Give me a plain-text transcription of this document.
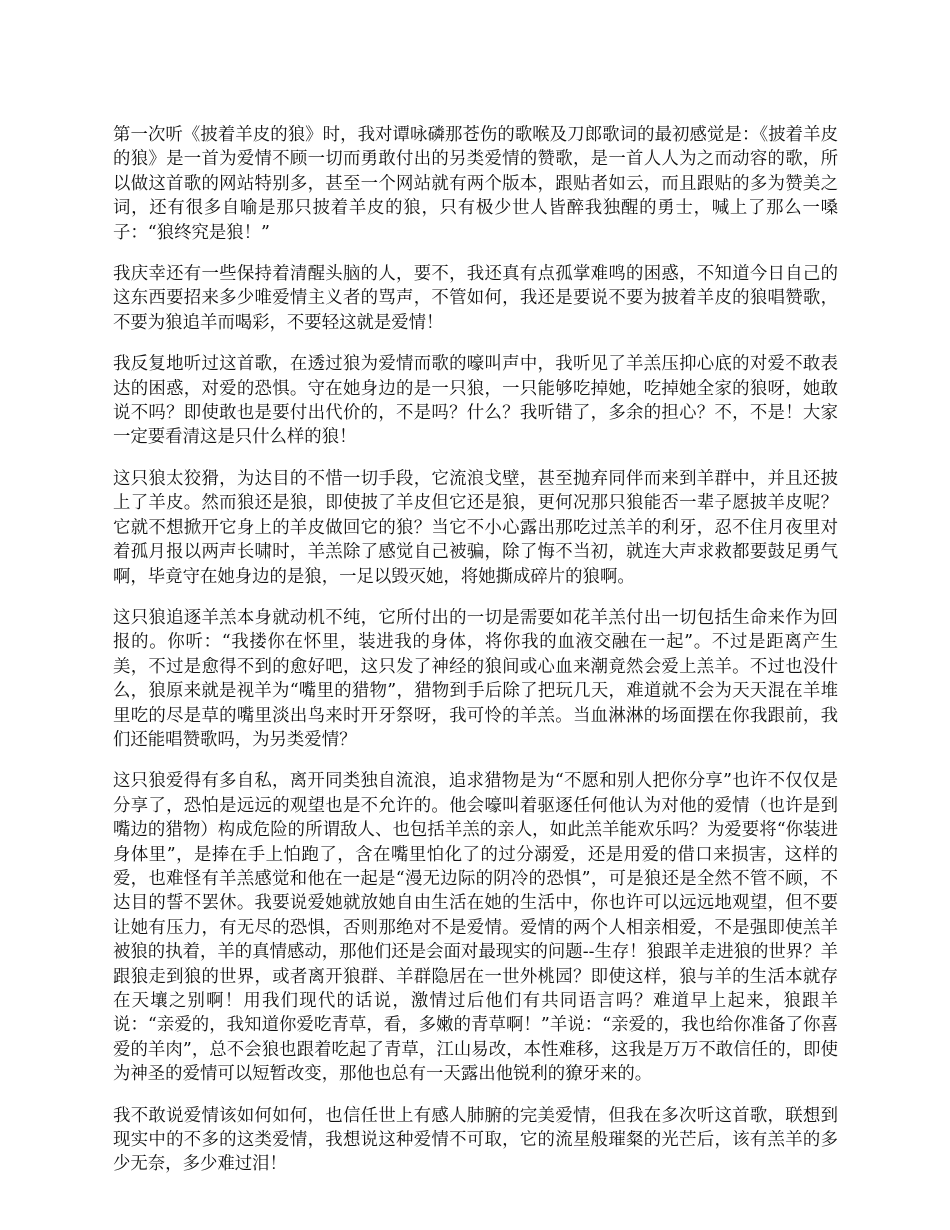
第一次听《披着羊皮的狼》时，我对谭咏磷那苍伤的歌喉及刀郎歌词的最初感觉是：《披着羊皮的狼》是一首为爱情不顾一切而勇敢付出的另类爱情的赞歌，是一首人人为之而动容的歌，所以做这首歌的网站特别多，甚至一个网站就有两个版本，跟贴者如云，而且跟贴的多为赞美之词，还有很多自喻是那只披着羊皮的狼，只有极少世人皆醉我独醒的勇士，喊上了那么一嗓子：“狼终究是狼！”

我庆幸还有一些保持着清醒头脑的人，要不，我还真有点孤掌难鸣的困惑，不知道今日自己的这东西要招来多少唯爱情主义者的骂声，不管如何，我还是要说不要为披着羊皮的狼唱赞歌，不要为狼追羊而喝彩，不要轻这就是爱情！

我反复地听过这首歌，在透过狼为爱情而歌的嚎叫声中，我听见了羊羔压抑心底的对爱不敢表达的困惑，对爱的恐惧。守在她身边的是一只狼，一只能够吃掉她，吃掉她全家的狼呀，她敢说不吗？即使敢也是要付出代价的，不是吗？什么？我听错了，多余的担心？不，不是！大家一定要看清这是只什么样的狼！

这只狼太狡猾，为达目的不惜一切手段，它流浪戈壁，甚至抛弃同伴而来到羊群中，并且还披上了羊皮。然而狼还是狼，即使披了羊皮但它还是狼，更何况那只狼能否一辈子愿披羊皮呢？它就不想掀开它身上的羊皮做回它的狼？当它不小心露出那吃过羔羊的利牙，忍不住月夜里对着孤月报以两声长啸时，羊羔除了感觉自己被骗，除了悔不当初，就连大声求救都要鼓足勇气啊，毕竟守在她身边的是狼，一足以毁灭她，将她撕成碎片的狼啊。

这只狼追逐羊羔本身就动机不纯，它所付出的一切是需要如花羊羔付出一切包括生命来作为回报的。你听：“我搂你在怀里，装进我的身体，将你我的血液交融在一起”。不过是距离产生美，不过是愈得不到的愈好吧，这只发了神经的狼间或心血来潮竟然会爱上羔羊。不过也没什么，狼原来就是视羊为“嘴里的猎物”，猎物到手后除了把玩几天，难道就不会为天天混在羊堆里吃的尽是草的嘴里淡出鸟来时开牙祭呀，我可怜的羊羔。当血淋淋的场面摆在你我跟前，我们还能唱赞歌吗，为另类爱情？

这只狼爱得有多自私，离开同类独自流浪，追求猎物是为“不愿和别人把你分享”也许不仅仅是分享了，恐怕是远远的观望也是不允许的。他会嚎叫着驱逐任何他认为对他的爱情（也许是到嘴边的猎物）构成危险的所谓敌人、也包括羊羔的亲人，如此羔羊能欢乐吗？为爱要将“你装进身体里”，是捧在手上怕跑了，含在嘴里怕化了的过分溺爱，还是用爱的借口来损害，这样的爱，也难怪有羊羔感觉和他在一起是“漫无边际的阴冷的恐惧”，可是狼还是全然不管不顾，不达目的誓不罢休。我要说爱她就放她自由生活在她的生活中，你也许可以远远地观望，但不要让她有压力，有无尽的恐惧，否则那绝对不是爱情。爱情的两个人相亲相爱，不是强即使羔羊被狼的执着，羊的真情感动，那他们还是会面对最现实的问题--生存！狼跟羊走进狼的世界？羊跟狼走到狼的世界，或者离开狼群、羊群隐居在一世外桃园？即使这样，狼与羊的生活本就存在天壤之别啊！用我们现代的话说，激情过后他们有共同语言吗？难道早上起来，狼跟羊说：“亲爱的，我知道你爱吃青草，看，多嫩的青草啊！”羊说：“亲爱的，我也给你准备了你喜爱的羊肉”，总不会狼也跟着吃起了青草，江山易改，本性难移，这我是万万不敢信任的，即使为神圣的爱情可以短暂改变，那他也总有一天露出他锐利的獠牙来的。

我不敢说爱情该如何如何，也信任世上有感人肺腑的完美爱情，但我在多次听这首歌，联想到现实中的不多的这类爱情，我想说这种爱情不可取，它的流星般璀粲的光芒后，该有羔羊的多少无奈，多少难过泪！
